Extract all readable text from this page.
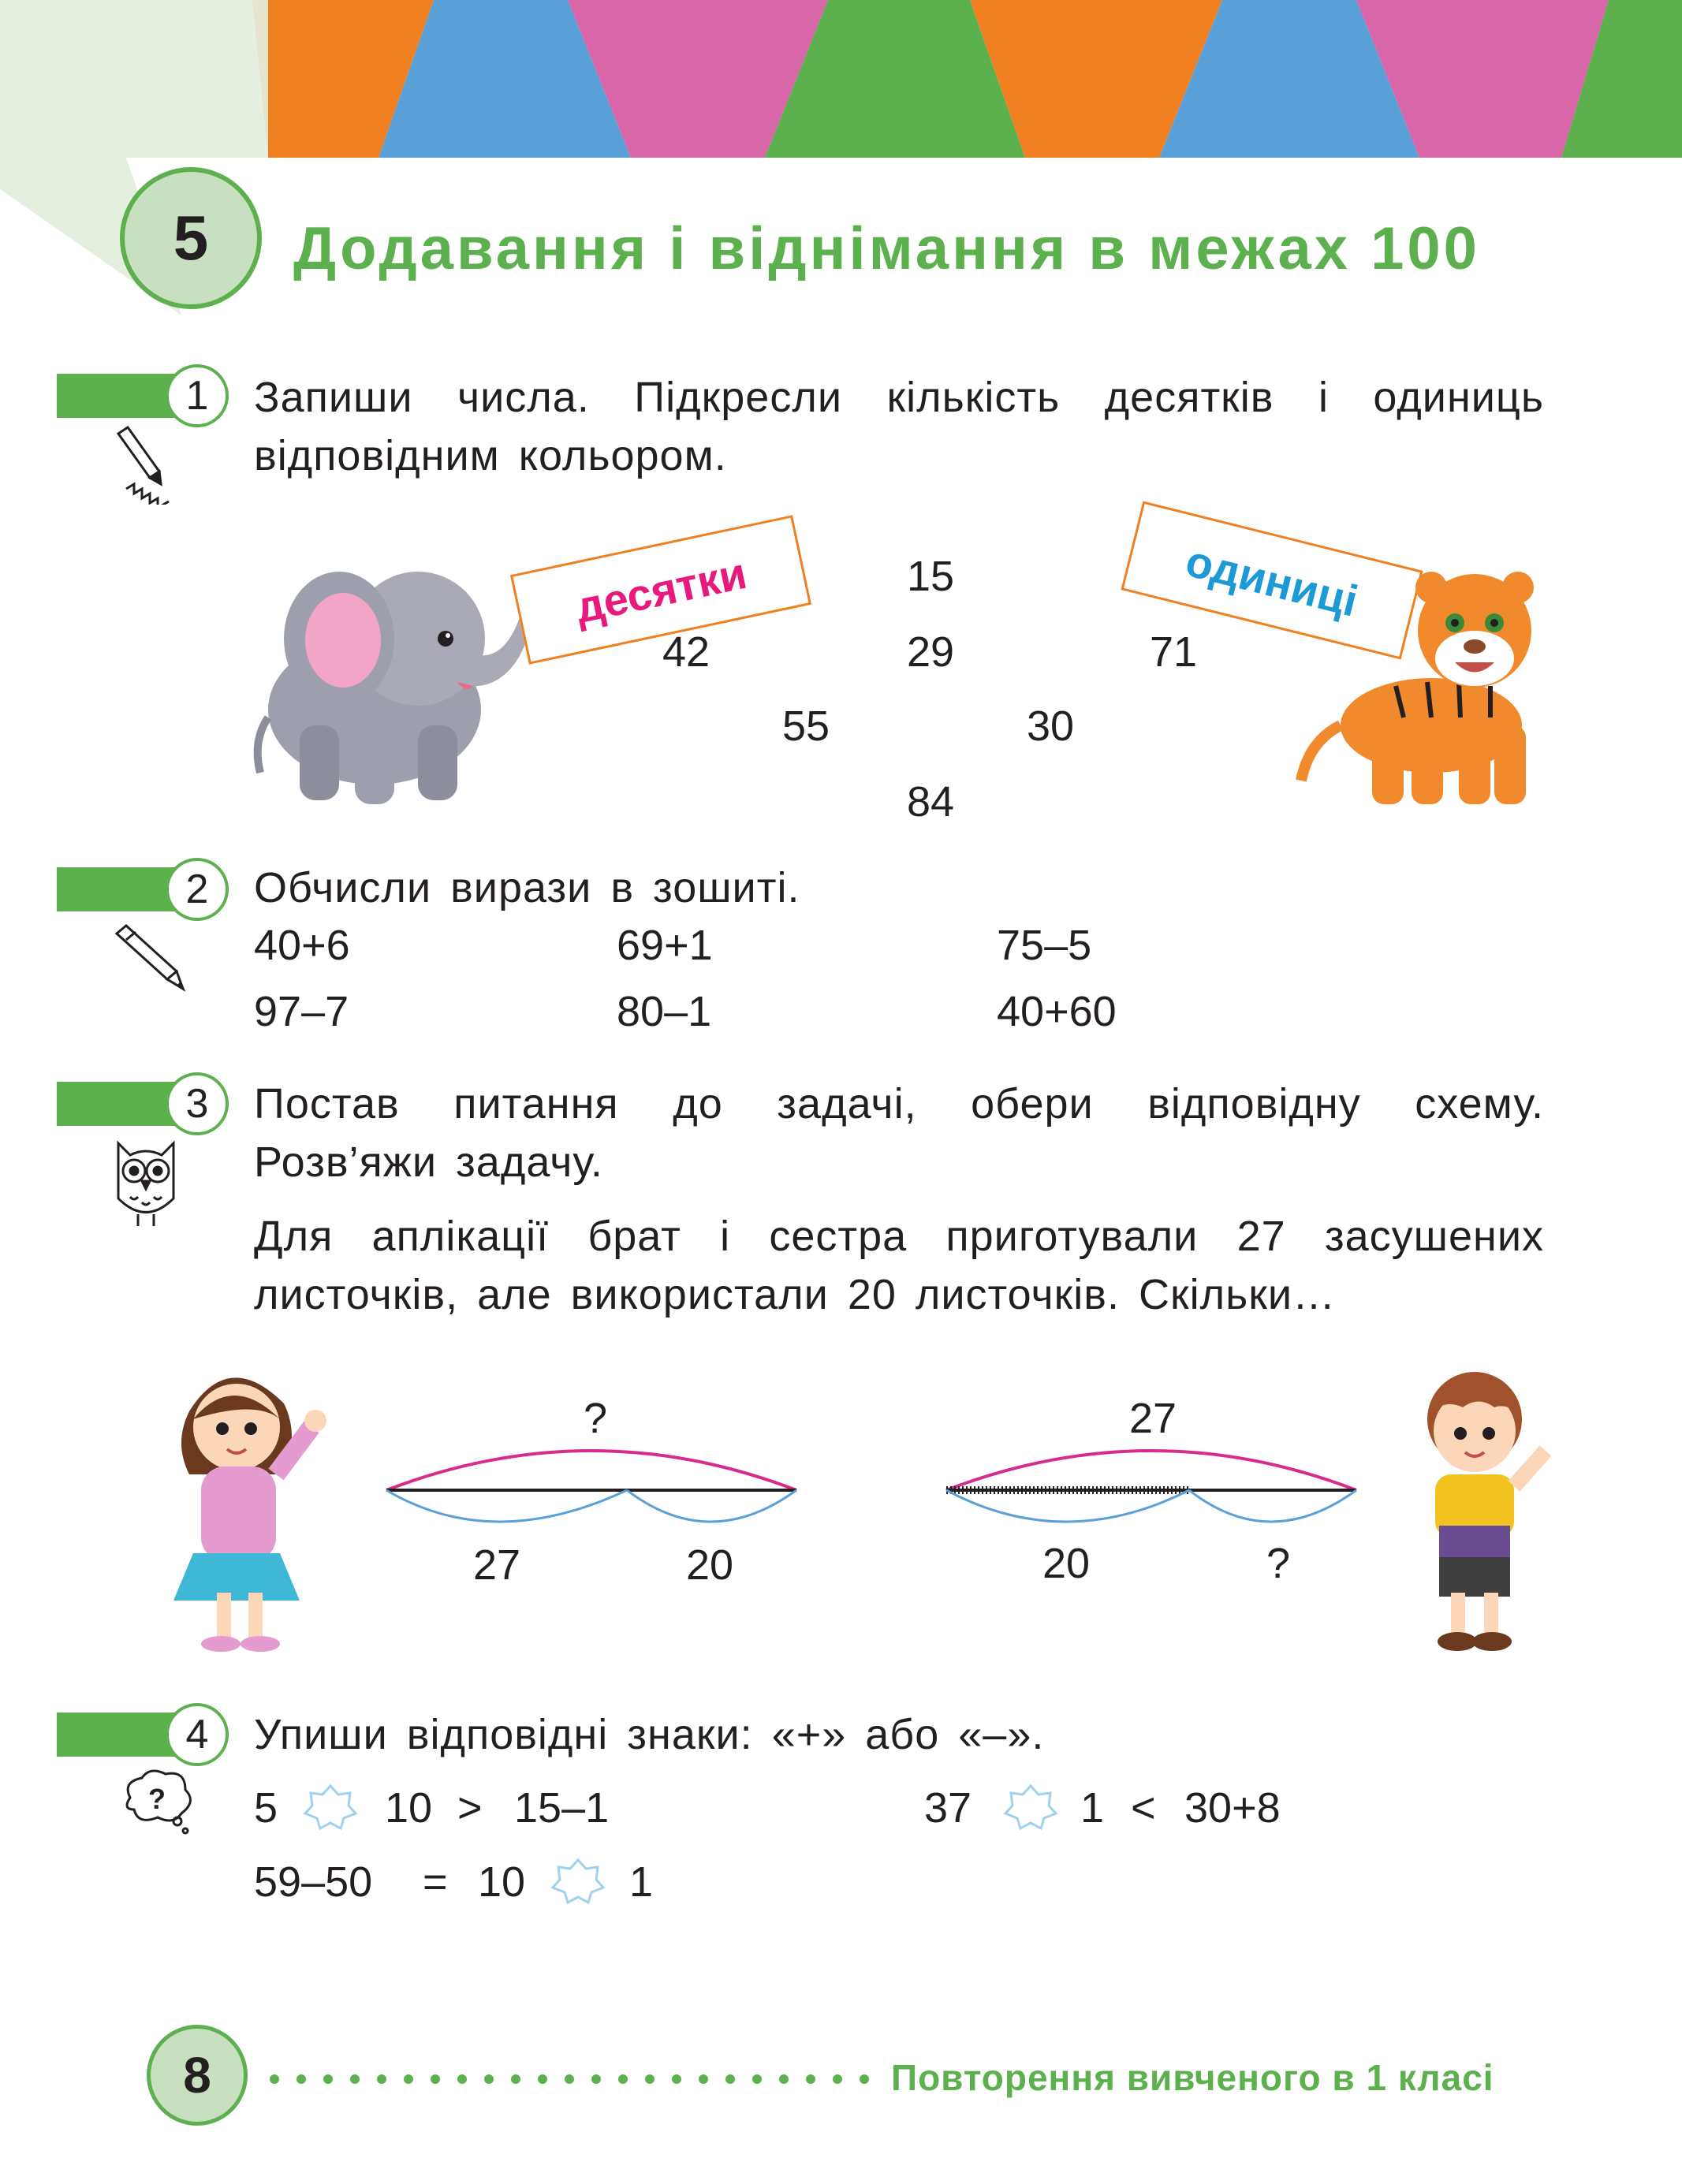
5 Додавання і віднімання в межах 100
1	Запиши числа. Підкресли кількість десятків і одиниць
відповідним кольором.
десятки	15
42	29	71
55	30
84
одиниці
2	Обчисли вирази в зошиті.
40+6	69+1	75–5
97–7	80–1	40+60
3	Постав питання до задачі, обери відповідну схему.
Розв’яжи задачу.
Для аплікації брат і сестра приготували 27 засушених
листочків, але використали 20 листочків. Скільки…
?
27	20
27
20	?
4	Упиши відповідні знаки: «+» або «–».
? 5	10 > 15–1	37	1 < 30+8
59–50 = 10 1
8	Повторення вивченого в 1 класі
